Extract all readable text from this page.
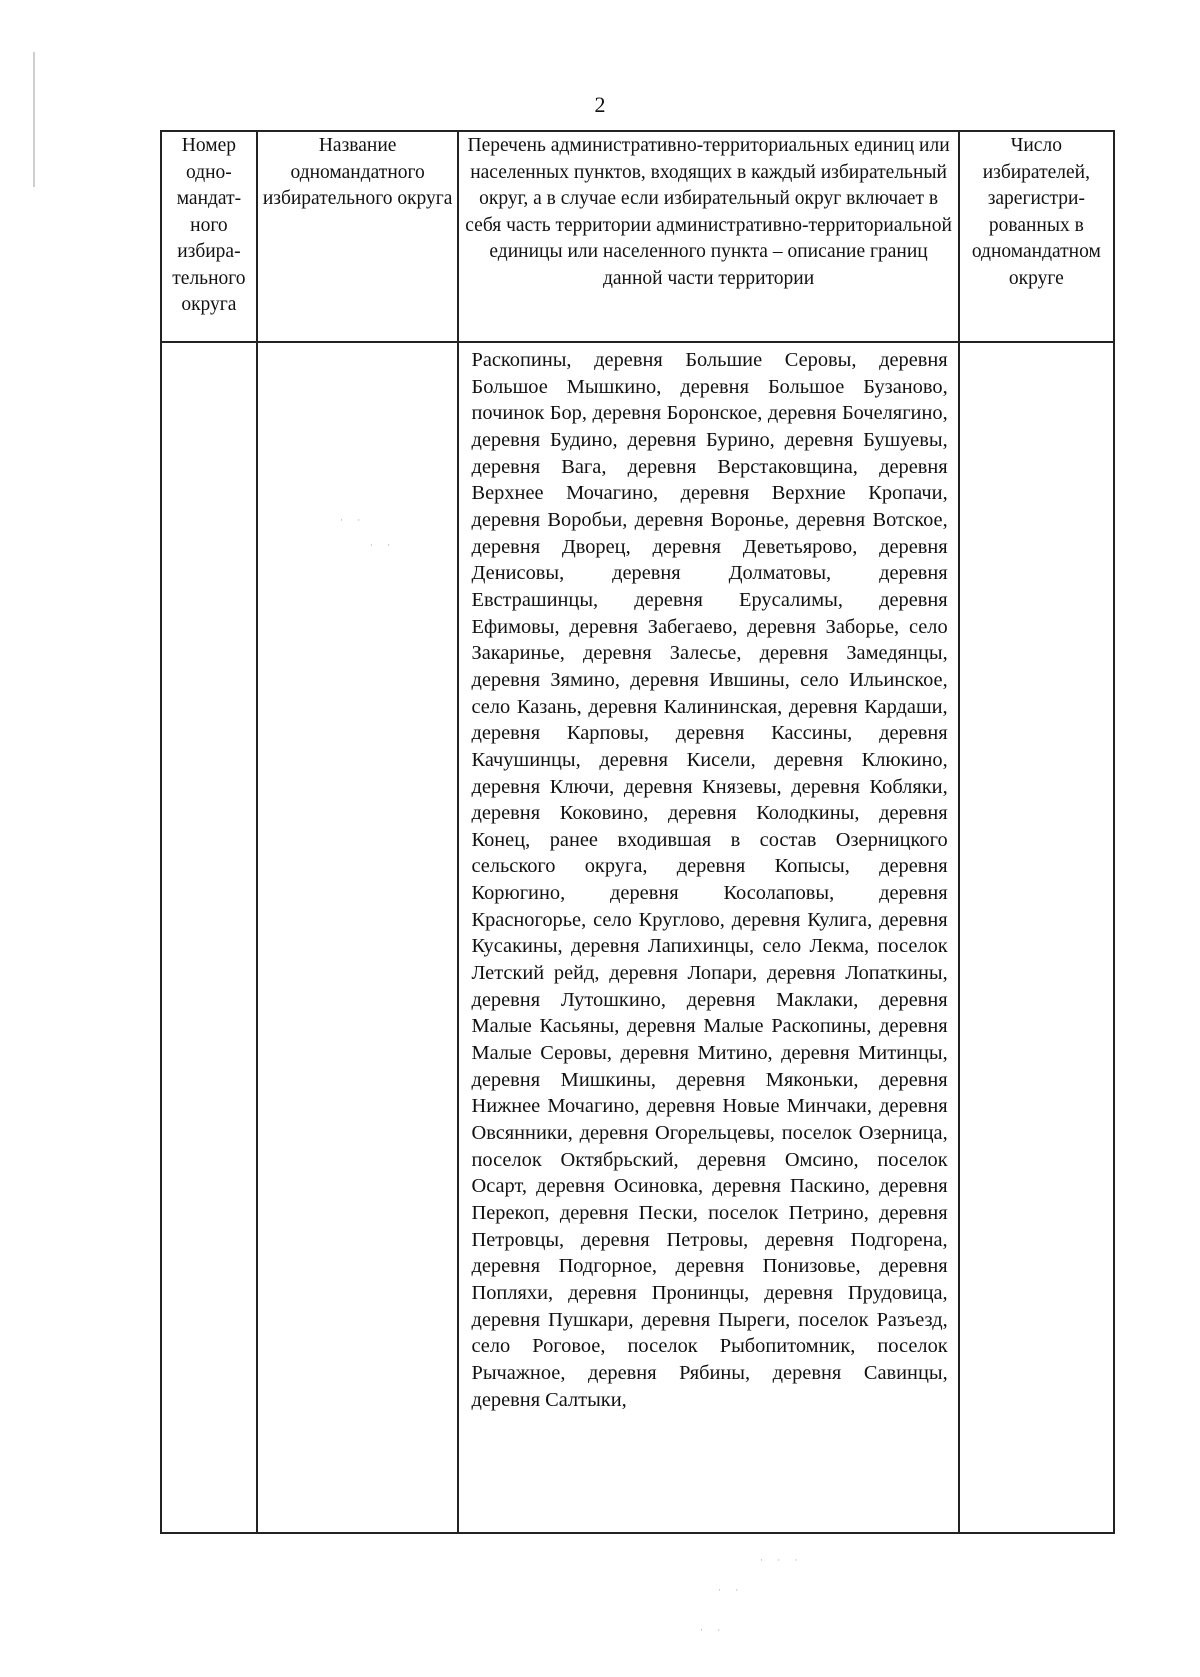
2
Номер одномандатного избирательного округа	Название одномандатного избирательного округа	Перечень административно-территориальных единиц или населенных пунктов, входящих в каждый избирательный округ, а в случае если избирательный округ включает в себя часть территории административно-территориальной единицы или населенного пункта – описание границ данной части территории	Число избирателей, зарегистрированных в одномандатном округе
		Раскопины, деревня Большие Серовы, деревня Большое Мышкино, деревня Большое Бузаново, починок Бор, деревня Боронское, деревня Бочелягино, деревня Будино, деревня Бурино, деревня Бушуевы, деревня Вага, деревня Верстаковщина, деревня Верхнее Мочагино, деревня Верхние Кропачи, деревня Воробьи, деревня Воронье, деревня Вотское, деревня Дворец, деревня Деветьярово, деревня Денисовы, деревня Долматовы, деревня Евстрашинцы, деревня Ерусалимы, деревня Ефимовы, деревня Забегаево, деревня Заборье, село Закаринье, деревня Залесье, деревня Замедянцы, деревня Зямино, деревня Ившины, село Ильинское, село Казань, деревня Калининская, деревня Кардаши, деревня Карповы, деревня Кассины, деревня Качушинцы, деревня Кисели, деревня Клюкино, деревня Ключи, деревня Князевы, деревня Кобляки, деревня Коковино, деревня Колодкины, деревня Конец, ранее входившая в состав Озерницкого сельского округа, деревня Копысы, деревня Корюгино, деревня Косолаповы, деревня Красногорье, село Круглово, деревня Кулига, деревня Кусакины, деревня Лапихинцы, село Лекма, поселок Летский рейд, деревня Лопари, деревня Лопаткины, деревня Лутошкино, деревня Маклаки, деревня Малые Касьяны, деревня Малые Раскопины, деревня Малые Серовы, деревня Митино, деревня Митинцы, деревня Мишкины, деревня Мяконьки, деревня Нижнее Мочагино, деревня Новые Минчаки, деревня Овсянники, деревня Огорельцевы, поселок Озерница, поселок Октябрьский, деревня Омсино, поселок Осарт, деревня Осиновка, деревня Паскино, деревня Перекоп, деревня Пески, поселок Петрино, деревня Петровцы, деревня Петровы, деревня Подгорена, деревня Подгорное, деревня Понизовье, деревня Попляхи, деревня Пронинцы, деревня Прудовица, деревня Пушкари, деревня Пыреги, поселок Разъезд, село Роговое, поселок Рыбопитомник, поселок Рычажное, деревня Рябины, деревня Савинцы, деревня Салтыки,	
· ·
· ·
· · ·
· ·
· ·
